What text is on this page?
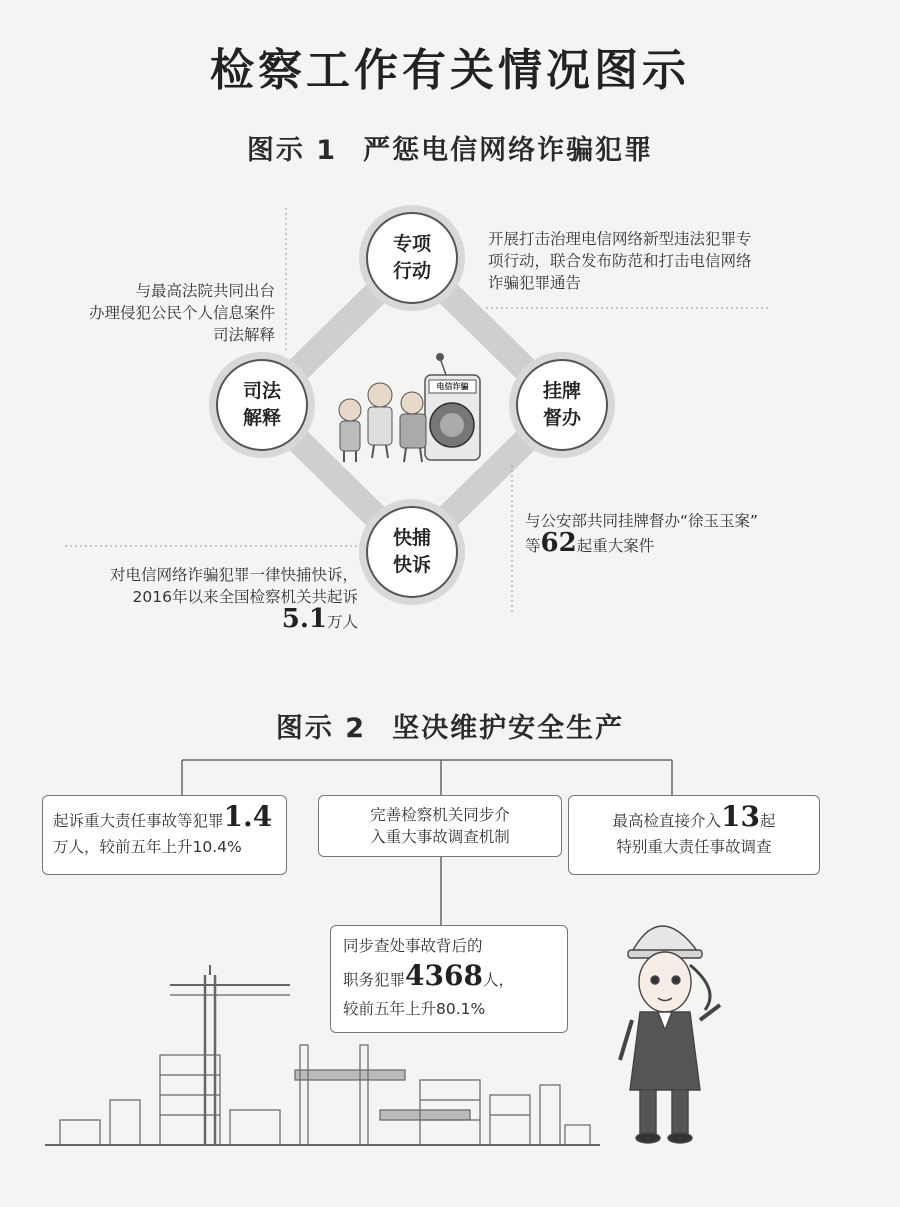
检察工作有关情况图示
图示 1 严惩电信网络诈骗犯罪
专项行动
挂牌督办
快捕快诉
司法解释
电信诈骗
开展打击治理电信网络新型违法犯罪专项行动，联合发布防范和打击电信网络诈骗犯罪通告
与最高法院共同出台
办理侵犯公民个人信息案件
司法解释
与公安部共同挂牌督办“徐玉玉案”
等62起重大案件
对电信网络诈骗犯罪一律快捕快诉，
2016年以来全国检察机关共起诉
5.1万人
图示 2 坚决维护安全生产
起诉重大责任事故等犯罪1.4
万人，较前五年上升10.4%
完善检察机关同步介
入重大事故调查机制
最高检直接介入13起
特别重大责任事故调查
同步查处事故背后的
职务犯罪4368人，
较前五年上升80.1%
